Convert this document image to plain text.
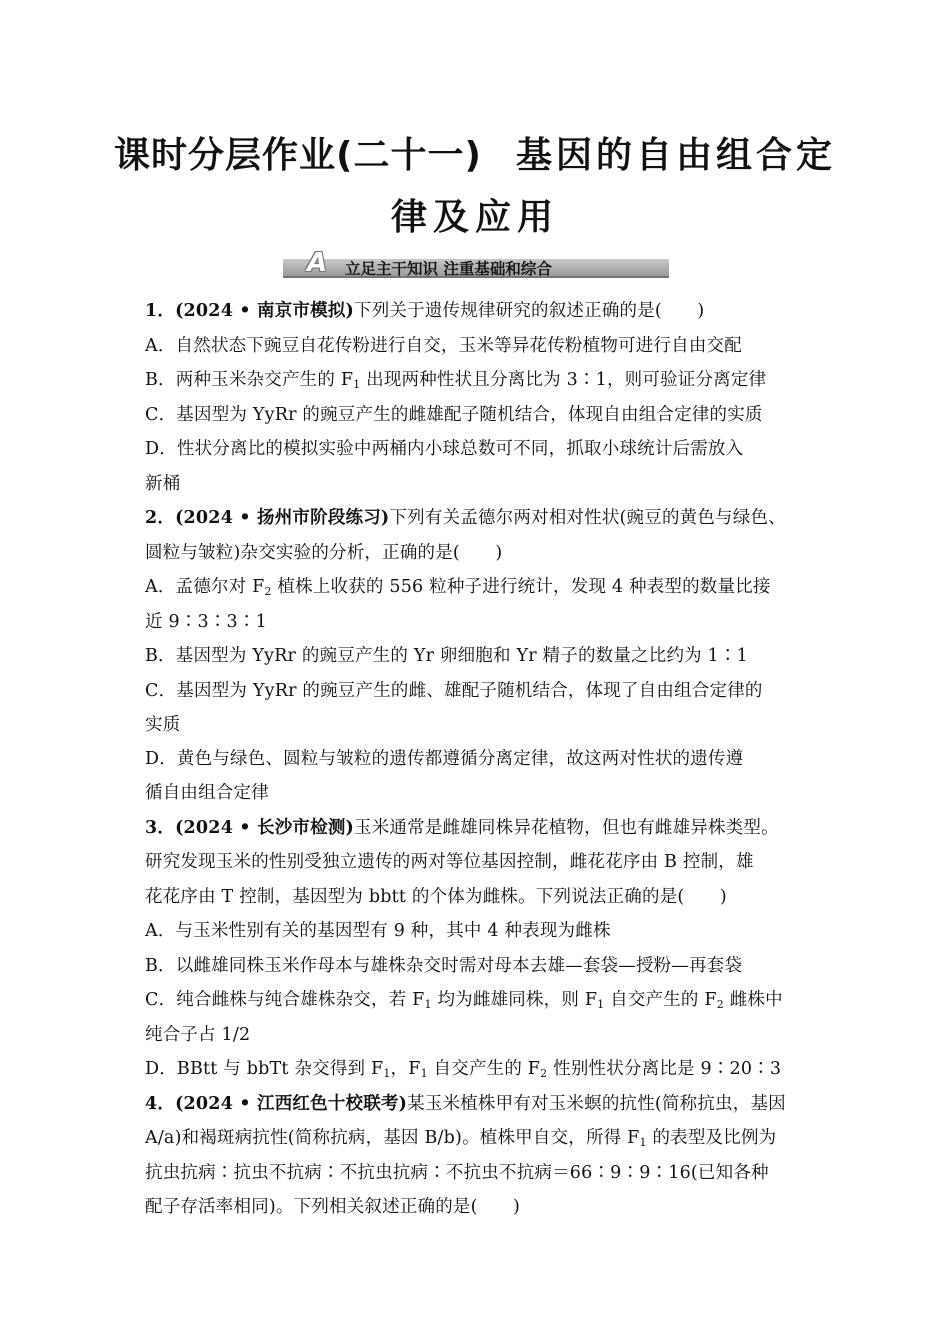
课时分层作业(二十一) 基因的自由组合定
律及应用
A 立足主干知识 注重基础和综合
1．(2024 • 南京市模拟)下列关于遗传规律研究的叙述正确的是(　　)
A．自然状态下豌豆自花传粉进行自交，玉米等异花传粉植物可进行自由交配
B．两种玉米杂交产生的 $F_1$ 出现两种性状且分离比为 3∶1，则可验证分离定律
C．基因型为 YyRr 的豌豆产生的雌雄配子随机结合，体现自由组合定律的实质
D．性状分离比的模拟实验中两桶内小球总数可不同，抓取小球统计后需放入
新桶
2．(2024 • 扬州市阶段练习)下列有关孟德尔两对相对性状(豌豆的黄色与绿色、
圆粒与皱粒)杂交实验的分析，正确的是(　　)
A．孟德尔对 $F_2$ 植株上收获的 556 粒种子进行统计，发现 4 种表型的数量比接
近 9∶3∶3∶1
B．基因型为 YyRr 的豌豆产生的 Yr 卵细胞和 Yr 精子的数量之比约为 1∶1
C．基因型为 YyRr 的豌豆产生的雌、雄配子随机结合，体现了自由组合定律的
实质
D．黄色与绿色、圆粒与皱粒的遗传都遵循分离定律，故这两对性状的遗传遵
循自由组合定律
3．(2024 • 长沙市检测)玉米通常是雌雄同株异花植物，但也有雌雄异株类型。
研究发现玉米的性别受独立遗传的两对等位基因控制，雌花花序由 B 控制，雄
花花序由 T 控制，基因型为 bbtt 的个体为雌株。下列说法正确的是(　　)
A．与玉米性别有关的基因型有 9 种，其中 4 种表现为雌株
B．以雌雄同株玉米作母本与雄株杂交时需对母本去雄—套袋—授粉—再套袋
C．纯合雌株与纯合雄株杂交，若 $F_1$ 均为雌雄同株，则 $F_1$ 自交产生的 $F_2$ 雌株中
纯合子占 1/2
D．BBtt 与 bbTt 杂交得到 $F_1$，$F_1$ 自交产生的 $F_2$ 性别性状分离比是 9∶20∶3
4．(2024 • 江西红色十校联考)某玉米植株甲有对玉米螟的抗性(简称抗虫，基因
A/a)和褐斑病抗性(简称抗病，基因 B/b)。植株甲自交，所得 $F_1$ 的表型及比例为
抗虫抗病∶抗虫不抗病∶不抗虫抗病∶不抗虫不抗病＝66∶9∶9∶16(已知各种
配子存活率相同)。下列相关叙述正确的是(　　)
